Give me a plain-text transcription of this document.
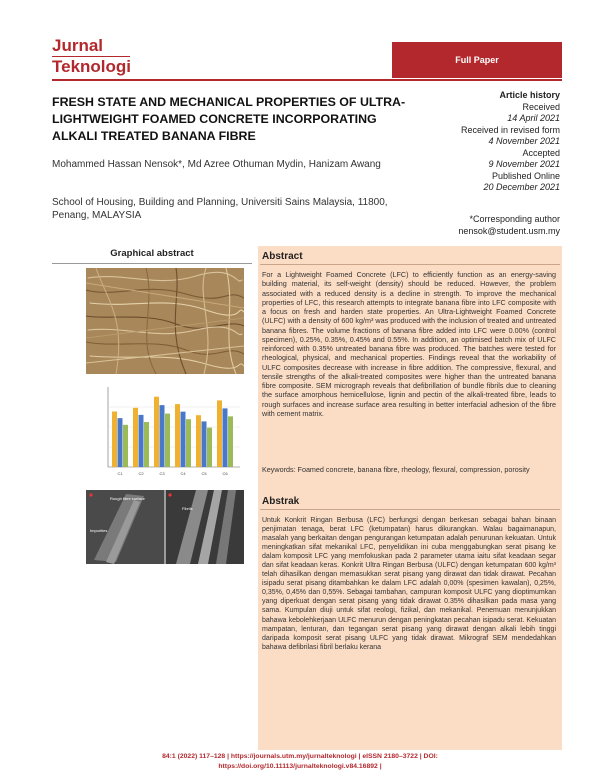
Jurnal
Teknologi	Full Paper
FRESH STATE AND MECHANICAL PROPERTIES OF ULTRA-LIGHTWEIGHT FOAMED CONCRETE INCORPORATING ALKALI TREATED BANANA FIBRE
Mohammed Hassan Nensok*, Md Azree Othuman Mydin, Hanizam Awang
School of Housing, Building and Planning, Universiti Sains Malaysia, 11800, Penang, MALAYSIA
Article history
Received
14 April 2021
Received in revised form
4 November 2021
Accepted
9 November 2021
Published Online
20 December 2021
*Corresponding author
nensok@student.usm.my
Graphical abstract
C1	C2	C3	C4	C5	C6
Rough fibre surface
Fibrils
Impurities
Abstract
For a Lightweight Foamed Concrete (LFC) to efficiently function as an energy-saving building material, its self-weight (density) should be reduced. However, the problem associated with a reduced density is a decline in strength. To improve the mechanical properties of LFC, this research attempts to integrate banana fibre into LFC composite with a focus on fresh and harden state properties. An Ultra-Lightweight Foamed Concrete (ULFC) with a density of 600 kg/m³ was produced with the inclusion of treated and untreated banana fibres. The volume fractions of banana fibre added into LFC were 0.00% (control specimen), 0.25%, 0.35%, 0.45% and 0.55%. In addition, an optimised batch mix of ULFC reinforced with 0.35% untreated banana fibre was produced. The batches were tested for rheological, physical, and mechanical properties. Findings reveal that the workability of ULFC composites decrease with increase in fibre addition. The compressive, flexural, and tensile strengths of the alkali-treated composites were higher than the untreated banana fibre composite. SEM micrograph reveals that defibrillation of bundle fibrils due to cleaning the surface amorphous hemicellulose, lignin and pectin of the alkali-treated fibre, leads to rough surfaces and increase surface area resulting in better interfacial adhesion of the fibre with cement matrix.
Keywords: Foamed concrete, banana fibre, rheology, flexural, compression, porosity
Abstrak
Untuk Konkrit Ringan Berbusa (LFC) berfungsi dengan berkesan sebagai bahan binaan penjimatan tenaga, berat LFC (ketumpatan) harus dikurangkan. Walau bagaimanapun, masalah yang berkaitan dengan pengurangan ketumpatan adalah penurunan kekuatan. Untuk meningkatkan sifat mekanikal LFC, penyelidikan ini cuba menggabungkan serat pisang ke dalam komposit LFC yang memfokuskan pada 2 parameter utama iaitu sifat keadaan segar dan sifat keadaan keras. Konkrit Ultra Ringan Berbusa (ULFC) dengan ketumpatan 600 kg/m³ telah dihasilkan dengan memasukkan serat pisang yang dirawat dan tidak dirawat. Pecahan isipadu serat pisang ditambahkan ke dalam LFC adalah 0,00% (spesimen kawalan), 0,25%, 0,35%, 0,45% dan 0,55%. Sebagai tambahan, campuran komposit ULFC yang dioptimumkan yang diperkuat dengan serat pisang yang tidak dirawat 0.35% dihasilkan pada masa yang sama. Kumpulan diuji untuk sifat reologi, fizikal, dan mekanikal. Penemuan menunjukkan bahawa kebolehkerjaan ULFC menurun dengan peningkatan pecahan isipadu serat. Kekuatan mampatan, lenturan, dan tegangan serat pisang yang dirawat dengan alkali lebih tinggi daripada komposit serat pisang ULFC yang tidak dirawat. Mikrograf SEM mendedahkan bahawa defibrilasi fibril berlaku kerana
84:1 (2022) 117–128 | https://journals.utm.my/jurnalteknologi | eISSN 2180–3722 | DOI:
https://doi.org/10.11113/jurnalteknologi.v84.16892 |
